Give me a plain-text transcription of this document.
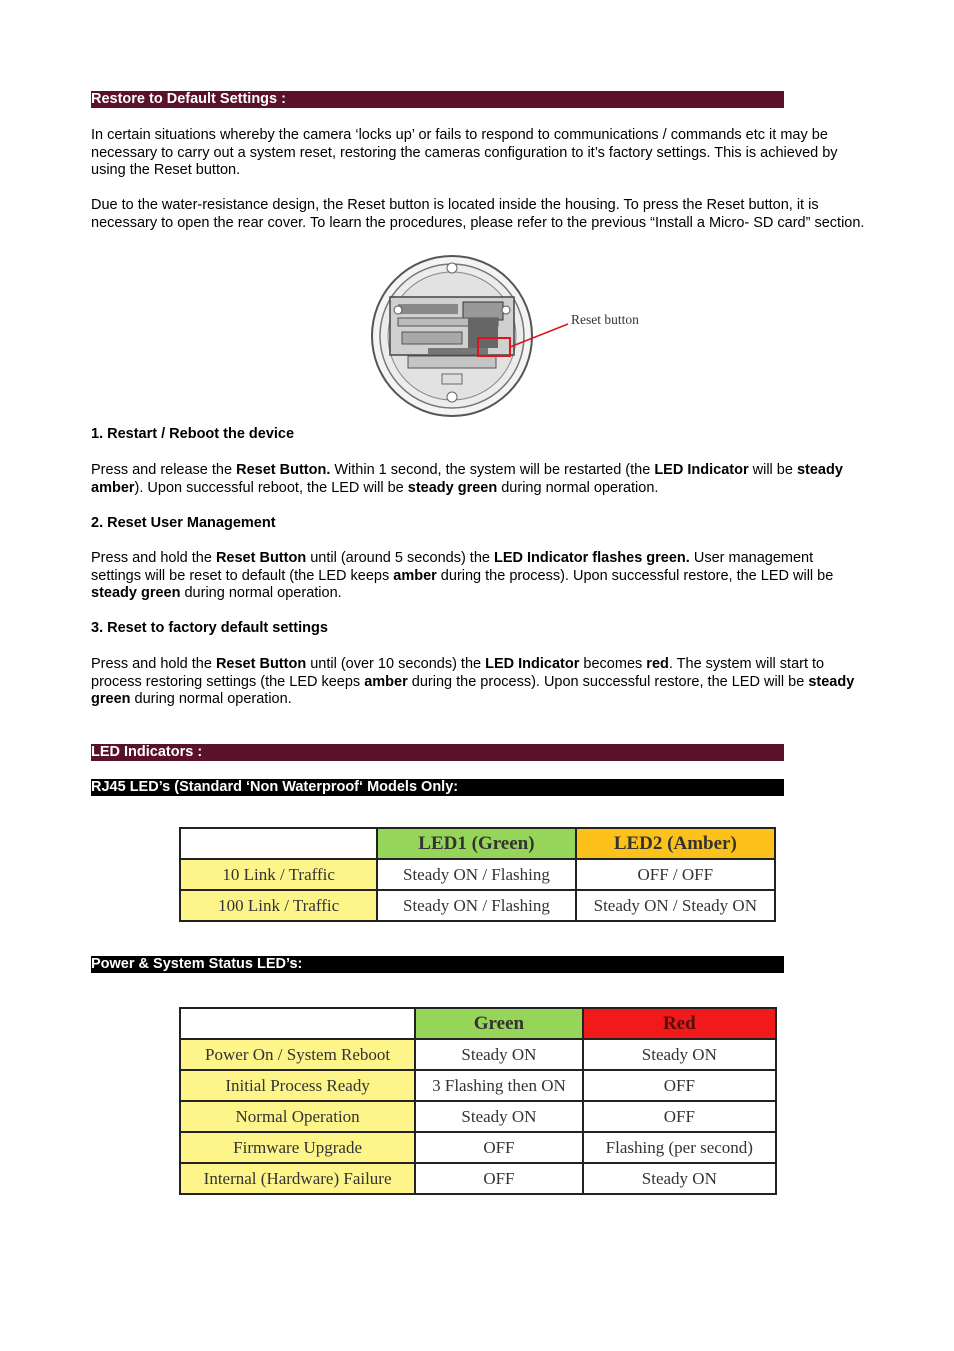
Restore to Default Settings :

In certain situations whereby the camera ‘locks up’ or fails to respond to communications / commands etc it may be necessary to carry out a system reset, restoring the cameras configuration to it’s factory settings. This is achieved by using the Reset button.

Due to the water-resistance design, the Reset button is located inside the housing. To press the Reset button, it is necessary to open the rear cover. To learn the procedures, please refer to the previous “Install a Micro- SD card” section.

Reset button

1. Restart / Reboot the device

Press and release the Reset Button. Within 1 second, the system will be restarted (the LED Indicator will be steady amber). Upon successful reboot, the LED will be steady green during normal operation.

2. Reset User Management

Press and hold the Reset Button until (around 5 seconds) the LED Indicator flashes green. User management settings will be reset to default (the LED keeps amber during the process). Upon successful restore, the LED will be steady green during normal operation.

3. Reset to factory default settings

Press and hold the Reset Button until (over 10 seconds) the LED Indicator becomes red. The system will start to process restoring settings (the LED keeps amber during the process). Upon successful restore, the LED will be steady green during normal operation.

LED Indicators :
RJ45 LED’s (Standard ‘Non Waterproof‘ Models Only:
	LED1 (Green)	LED2 (Amber)
10 Link / Traffic	Steady ON / Flashing	OFF / OFF
100 Link / Traffic	Steady ON / Flashing	Steady ON / Steady ON
Power & System Status LED’s:
	Green	Red
Power On / System Reboot	Steady ON	Steady ON
Initial Process Ready	3 Flashing then ON	OFF
Normal Operation	Steady ON	OFF
Firmware Upgrade	OFF	Flashing (per second)
Internal (Hardware) Failure	OFF	Steady ON
